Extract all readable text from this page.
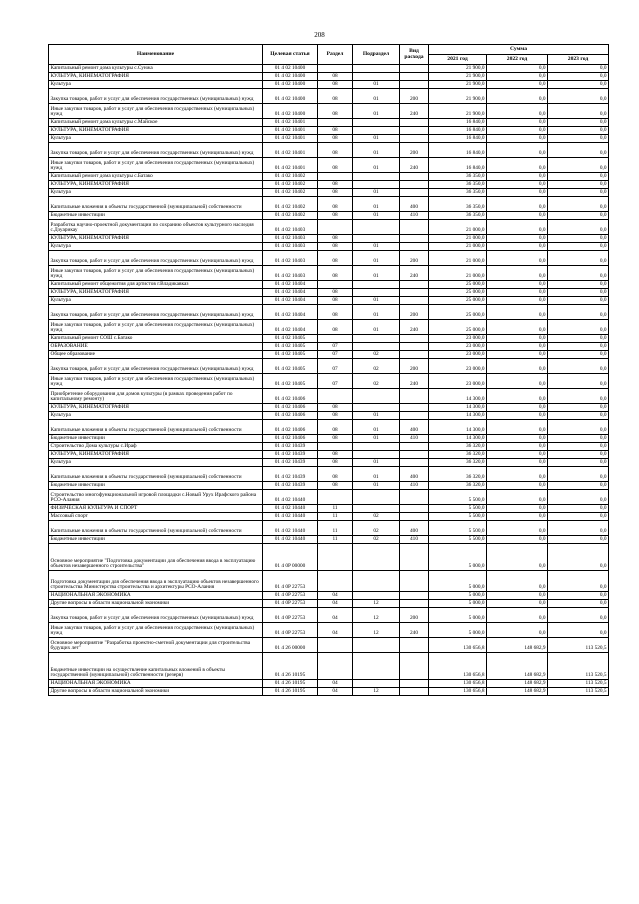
208
Наименование	Целевая статья	Раздел	Подраздел	Вид расхода	Сумма		
					2021 год	2022 год	2023 год
Капитальный ремонт дома культуры с.Сунжа	01 4 02 10400				21 900,0	0,0	0,0
КУЛЬТУРА, КИНЕМАТОГРАФИЯ	01 4 02 10400	08			21 900,0	0,0	0,0
Культура	01 4 02 10400	08	01		21 900,0	0,0	0,0
Закупка товаров, работ и услуг для обеспечения государственных (муниципальных) нужд	01 4 02 10400	08	01	200	21 900,0	0,0	0,0
Иные закупки товаров, работ и услуг для обеспечения государственных (муниципальных) нужд	01 4 02 10400	08	01	240	21 900,0	0,0	0,0
Капитальный ремонт дома культуры с.Майское	01 4 02 10401				16 840,0	0,0	0,0
КУЛЬТУРА, КИНЕМАТОГРАФИЯ	01 4 02 10401	08			16 840,0	0,0	0,0
Культура	01 4 02 10401	08	01		16 840,0	0,0	0,0
Закупка товаров, работ и услуг для обеспечения государственных (муниципальных) нужд	01 4 02 10401	08	01	200	16 840,0	0,0	0,0
Иные закупки товаров, работ и услуг для обеспечения государственных (муниципальных) нужд	01 4 02 10401	08	01	240	16 840,0	0,0	0,0
Капитальный ремонт дома культуры с.Батако	01 4 02 10402				36 350,0	0,0	0,0
КУЛЬТУРА, КИНЕМАТОГРАФИЯ	01 4 02 10402	08			36 350,0	0,0	0,0
Культура	01 4 02 10402	08	01		36 350,0	0,0	0,0
Капитальные вложения в объекты государственной (муниципальной) собственности	01 4 02 10402	08	01	400	36 350,0	0,0	0,0
Бюджетные инвестиции	01 4 02 10402	08	01	410	36 350,0	0,0	0,0
Разработка научно-проектной документации по сохранию объектов культурного наследия с.Дзуарикау	01 4 02 10403				21 000,0	0,0	0,0
КУЛЬТУРА, КИНЕМАТОГРАФИЯ	01 4 02 10403	08			21 000,0	0,0	0,0
Культура	01 4 02 10403	08	01		21 000,0	0,0	0,0
Закупка товаров, работ и услуг для обеспечения государственных (муниципальных) нужд	01 4 02 10403	08	01	200	21 000,0	0,0	0,0
Иные закупки товаров, работ и услуг для обеспечения государственных (муниципальных) нужд	01 4 02 10403	08	01	240	21 000,0	0,0	0,0
Капитальный ремонт общежития для артистов г.Владикавказ	01 4 02 10404				25 000,0	0,0	0,0
КУЛЬТУРА, КИНЕМАТОГРАФИЯ	01 4 02 10404	08			25 000,0	0,0	0,0
Культура	01 4 02 10404	08	01		25 000,0	0,0	0,0
Закупка товаров, работ и услуг для обеспечения государственных (муниципальных) нужд	01 4 02 10404	08	01	200	25 000,0	0,0	0,0
Иные закупки товаров, работ и услуг для обеспечения государственных (муниципальных) нужд	01 4 02 10404	08	01	240	25 000,0	0,0	0,0
Капитальный ремонт СОШ с.Батако	01 4 02 10405				23 000,0	0,0	0,0
ОБРАЗОВАНИЕ	01 4 02 10405	07			23 000,0	0,0	0,0
Общее образование	01 4 02 10405	07	02		23 000,0	0,0	0,0
Закупка товаров, работ и услуг для обеспечения государственных (муниципальных) нужд	01 4 02 10405	07	02	200	23 000,0	0,0	0,0
Иные закупки товаров, работ и услуг для обеспечения государственных (муниципальных) нужд	01 4 02 10405	07	02	240	23 000,0	0,0	0,0
Приобретение оборудования для домов культуры (в рамках проведения работ по капитальному ремонту)	01 4 02 10406				14 300,0	0,0	0,0
КУЛЬТУРА, КИНЕМАТОГРАФИЯ	01 4 02 10406	08			14 300,0	0,0	0,0
Культура	01 4 02 10406	08	01		14 300,0	0,0	0,0
Капитальные вложения в объекты государственной (муниципальной) собственности	01 4 02 10406	08	01	400	14 300,0	0,0	0,0
Бюджетные инвестиции	01 4 02 10406	08	01	410	14 300,0	0,0	0,0
Строительство Дома культуры с.Ираф	01 4 02 10439				36 320,0	0,0	0,0
КУЛЬТУРА, КИНЕМАТОГРАФИЯ	01 4 02 10439	08			36 320,0	0,0	0,0
Культура	01 4 02 10439	08	01		36 320,0	0,0	0,0
Капитальные вложения в объекты государственной (муниципальной) собственности	01 4 02 10439	08	01	400	36 320,0	0,0	0,0
Бюджетные инвестиции	01 4 02 10439	08	01	410	36 320,0	0,0	0,0
Строительство многофункциональной игровой площадки с.Новый Урух Ирафского района РСО-Алания	01 4 02 10440				5 500,0	0,0	0,0
ФИЗИЧЕСКАЯ КУЛЬТУРА И СПОРТ	01 4 02 10440	11			5 500,0	0,0	0,0
Массовый спорт	01 4 02 10440	11	02		5 500,0	0,0	0,0
Капитальные вложения в объекты государственной (муниципальной) собственности	01 4 02 10440	11	02	400	5 500,0	0,0	0,0
Бюджетные инвестиции	01 4 02 10440	11	02	410	5 500,0	0,0	0,0
Основное мероприятие "Подготовка документации для обеспечения ввода в эксплуатацию объектов незавершенного строительства"	01 4 0P 00000				5 000,0	0,0	0,0
Подготовка документации для обеспечения ввода в эксплуатацию объектов незавершенного строительства Министерства строительства и архитектуры РСО-Алания	01 4 0P 22753				5 000,0	0,0	0,0
НАЦИОНАЛЬНАЯ ЭКОНОМИКА	01 4 0P 22753	04			5 000,0	0,0	0,0
Другие вопросы в области национальной экономики	01 4 0P 22753	04	12		5 000,0	0,0	0,0
Закупка товаров, работ и услуг для обеспечения государственных (муниципальных) нужд	01 4 0P 22753	04	12	200	5 000,0	0,0	0,0
Иные закупки товаров, работ и услуг для обеспечения государственных (муниципальных) нужд	01 4 0P 22753	04	12	240	5 000,0	0,0	0,0
Основное мероприятие "Разработка проектно-сметной документации для строительства будущих лет"	01 4 26 00000				130 656,8	148 682,9	113 520,5
Бюджетные инвестиции на осуществление капитальных вложений в объекты государственной (муниципальной) собственности (резерв)	01 4 26 10195				130 656,8	148 682,9	113 520,5
НАЦИОНАЛЬНАЯ ЭКОНОМИКА	01 4 26 10195	04			130 656,8	148 682,9	113 520,5
Другие вопросы в области национальной экономики	01 4 26 10195	04	12		130 656,8	148 682,9	113 520,5
